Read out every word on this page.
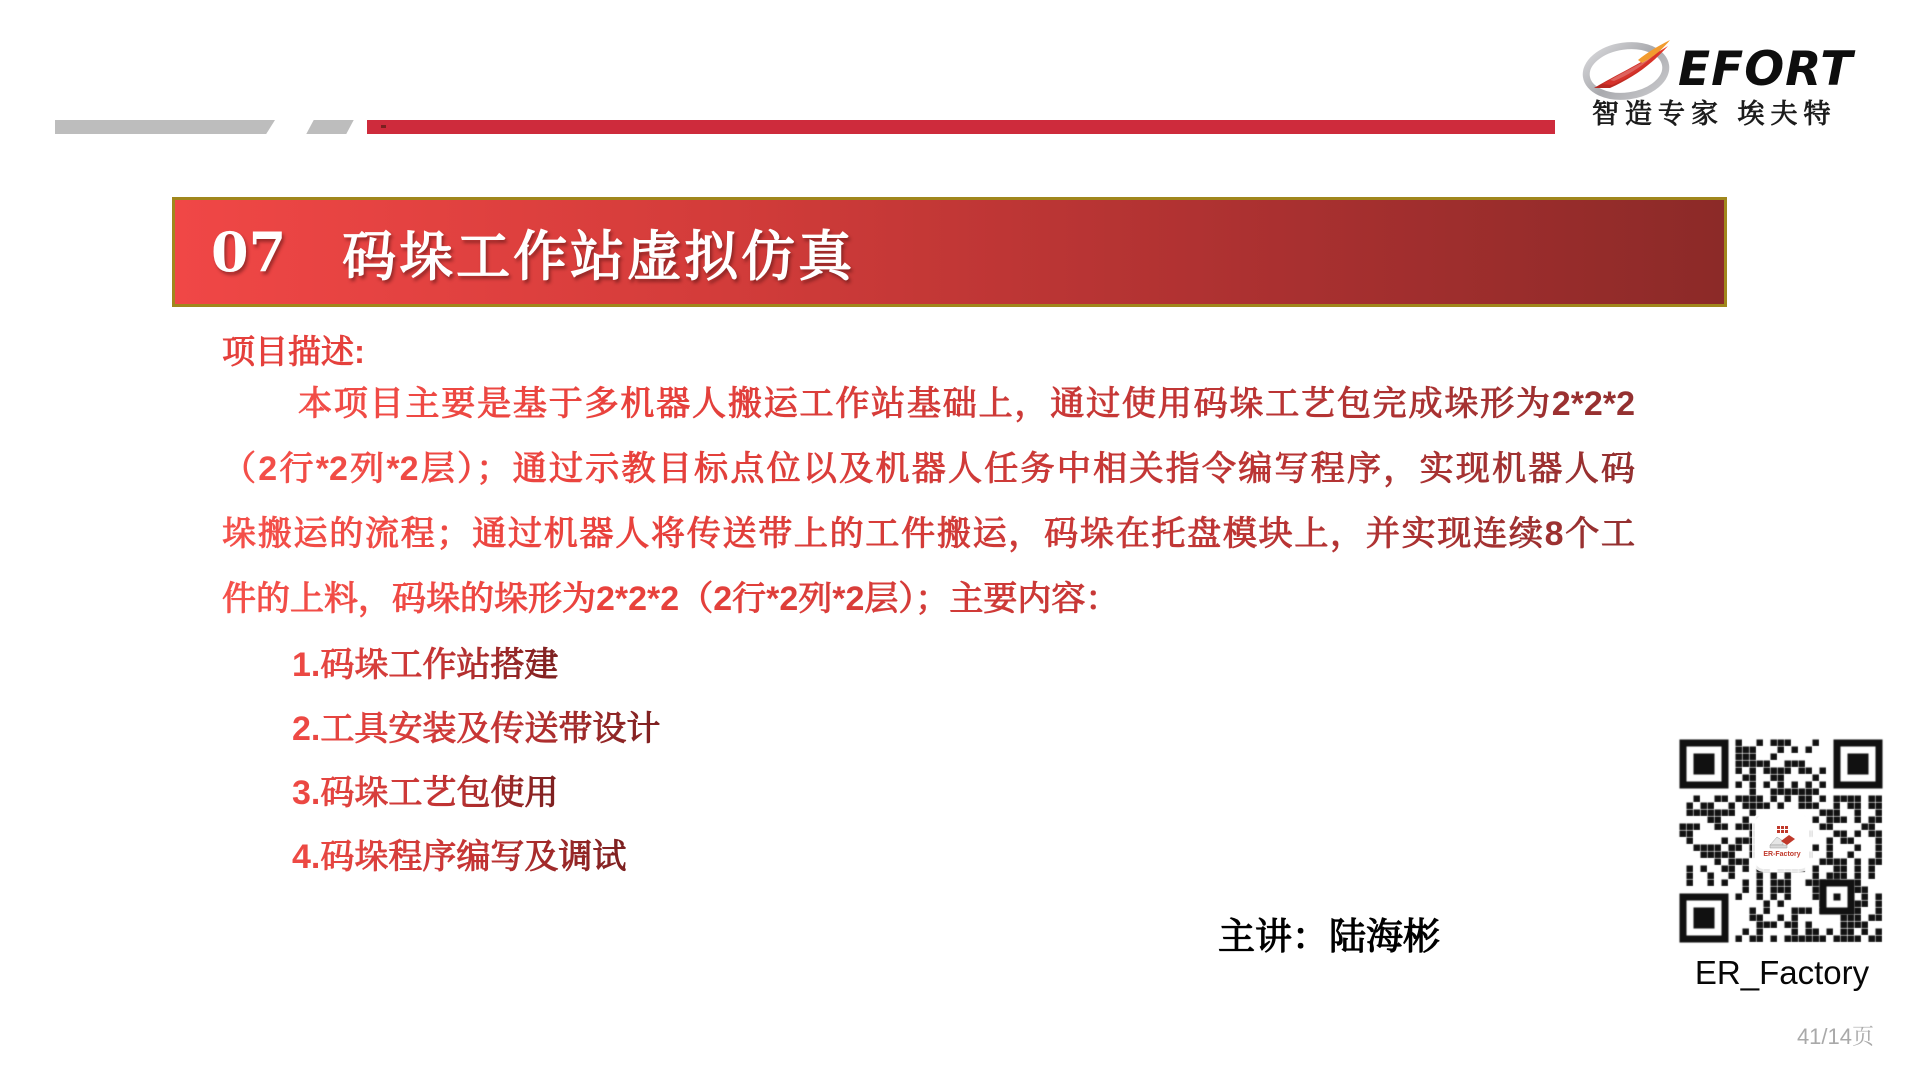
EFORT
智造专家 埃夫特
07 码垛工作站虚拟仿真
项目描述:
本项目主要是基于多机器人搬运工作站基础上，通过使用码垛工艺包完成垛形为2*2*2
（2行*2列*2层）；通过示教目标点位以及机器人任务中相关指令编写程序，实现机器人码
垛搬运的流程；通过机器人将传送带上的工件搬运，码垛在托盘模块上，并实现连续8个工
件的上料，码垛的垛形为2*2*2（2行*2列*2层）；主要内容：
1.码垛工作站搭建
2.工具安装及传送带设计
3.码垛工艺包使用
4.码垛程序编写及调试
主讲：陆海彬
ER-Factory
ER_Factory
41/14页
